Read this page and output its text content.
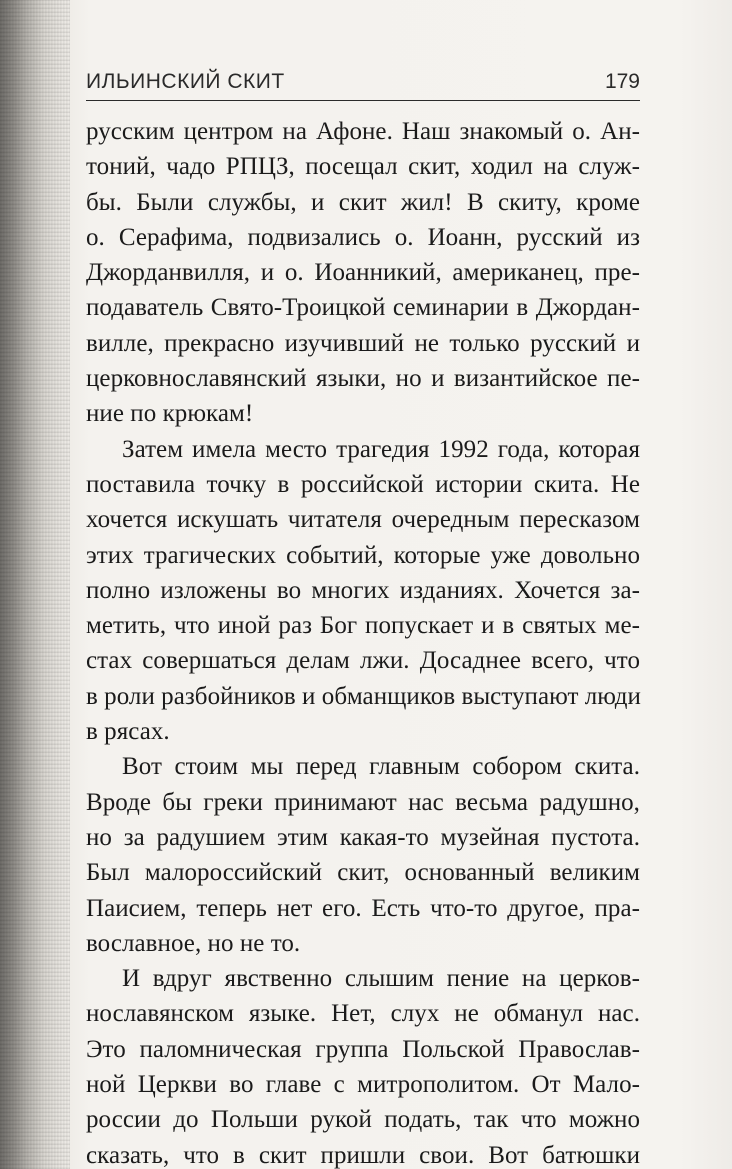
ИЛЬИНСКИЙ СКИТ	179
русским центром на Афоне. Наш знакомый о. Ан-
тоний, чадо РПЦЗ, посещал скит, ходил на служ-
бы. Были службы, и скит жил! В скиту, кроме
о. Серафима, подвизались о. Иоанн, русский из
Джорданвилля, и о. Иоанникий, американец, пре-
подаватель Свято-Троицкой семинарии в Джордан-
вилле, прекрасно изучивший не только русский и
церковнославянский языки, но и византийское пе-
ние по крюкам!
Затем имела место трагедия 1992 года, которая
поставила точку в российской истории скита. Не
хочется искушать читателя очередным пересказом
этих трагических событий, которые уже довольно
полно изложены во многих изданиях. Хочется за-
метить, что иной раз Бог попускает и в святых ме-
стах совершаться делам лжи. Досаднее всего, что
в роли разбойников и обманщиков выступают люди
в рясах.
Вот стоим мы перед главным собором скита.
Вроде бы греки принимают нас весьма радушно,
но за радушием этим какая-то музейная пустота.
Был малороссийский скит, основанный великим
Паисием, теперь нет его. Есть что-то другое, пра-
вославное, но не то.
И вдруг явственно слышим пение на церков-
нославянском языке. Нет, слух не обманул нас.
Это паломническая группа Польской Православ-
ной Церкви во главе с митрополитом. От Мало-
россии до Польши рукой подать, так что можно
сказать, что в скит пришли свои. Вот батюшки
